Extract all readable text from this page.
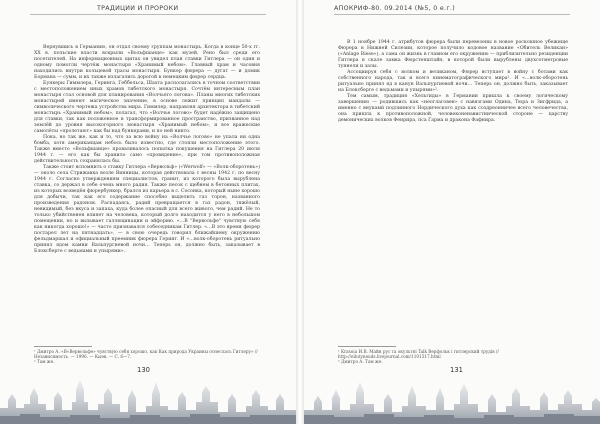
ТРАДИЦИИ И ПРОРОКИ

Вернувшись в Германию, он отдал своему группам монастырь. Когда в конце 50-х гг. XX в. польские власти вскрыли «Вольфшанце» как музей, Рено был среди его посетителей. На информационных щитах он увидел план ставки Гитлера — он один и одному помогли чертёж монастыря «Хранимый небом». Главный храм и часовня находились внутри кольцевой трасы монастыря. Бункер фюрера — дугат — и домик Бормана — сумм, и их также излагались дорогой к немецким фюрер сердца.

Бункеры Гиммлера, Геринга, Геббельса, Шахта располагались в точном соответствии с местоположением иных храмов тибетского монастыря. Сочтём интересным план монастыря стал основой для планирования «Волчьего логова». Планы многих тибетских монастырей имеют магическое значение, в основе лежит принцип мандалы — символического чертежа устройства мира. Гиммлер, направляя архитектора в тибетский монастырь «Хранимый небом», полагал, что «Волчье логово» будет надёжно защищено для ставки, так как положенное в трансформированное пространство, призванное над землёй до уровня высокогорного монастыря «Хранимый небом», и все вражеские самолёты «пролетают» как бы над бункерами, и по ней никто.

Пока, но так же, как и то, что за всю войну на «Волчье логово» не упала ни одна бомба, хотя американцам небось было известно, где стояли местоположение этого. Также вместо «Вольфшанце» проваливалось попытка покушения на Гитлера 20 июля 1944 г. — его как бы хранило само «провидение», при том противоположная действительность сохранялась бы.

Также стоит вспомнить о ставку Гитлера «Вервольф» («Werwolf» — «Волк-оборотень») — около села Стрижавка возле Винницы, которая действовала с весны 1942 г. по весну 1944 г. Согласно утверждениям специалистов, гранит, из которого была вырублена ставка, со держал в себе очень много радия. Также песок с щебнем в бетонных плитах, из которых возведён фюрербункер, брался из карьера в с. Сосонка, который ныне хорошо для добычи, так как его содержание способно выделить газ торон, названного произведения радоном. Распадаясь, радий превращается в газ радон, тяжёлый, невидимый, без вкуса и запаха, куда более опасный для всего живого, чем радий. Не то только убийственен влияет на человека, который долго находится у него в небольшом помещении, но и вызывает галлюцинации и эйфорию. «…В "Вервольфе" чувствую себя как никогда хорошо!» — часто признавался собеседникам Гитлер. «…В это время фюрер постарел лет на пятнадцать», — в свою очередь говорил ближайшему окружению фельдмаршал и официальный преемник фюрера Геринг. И «…волк-оборотень ритуально принял ядом камни Вальпургиевой ночи… Теперь он, должно быть, заказывает в Блоксберге с ведьмами и упырями».

¹ Дмитро А. «В«Вервольфе» чувствую себя хорошо, как Как природа Украины отнеслась Гитлеру» // Независимость. — 1996. — Кыев. — С. 6—7.

² Там же.

130
АПОКРИФ-80. 09.2014 (№5, 0 е.г.)

В 1 ноябре 1944 г. атрибутов фюрера были перевезены в новое роскошное убежище Фюрера в Нижней Силезии, которое получило кодовое название «Обитель Великан» («Anlage Riese»), а сама он жизнь в главном его окружению — приблизительно резиденции Гитлера в скале замка Фюрстенштайн, в которой были вырублены двухсотметровые туннели и залы.

Ассоциируя себя с волком и великаном, Фюрер вступает в войну с ботами как собственного народа, так и всего кинематографического мира¹. И «…волк-оборотень ритуально принял яд в канун Вальпургиевой ночи… Теперь он, должно быть, заказывает на Блоксберге с ведьмами и упырями»².

Тем самым, традиция «Хельгиды» в Германии пришла к своему логическому завершению — родившись как «неоглаговен» с навязгами Одина, Тюра и Зигфрида, а именно с внуками́ подлинного Нордического духа как создреонничее всего человечества, она пришла к противоположной, человеконенавистнической стороне — царству демонических волков Фенрира, пса Гарма и дракона Фафнира.

¹ Krasoia И.В. Майн pyc та окультні Talk Верфольк і гитлерский трудів // http://eilutyneuds.livejournal.com/1101517.html

² Дмитро А. Там же.

131
